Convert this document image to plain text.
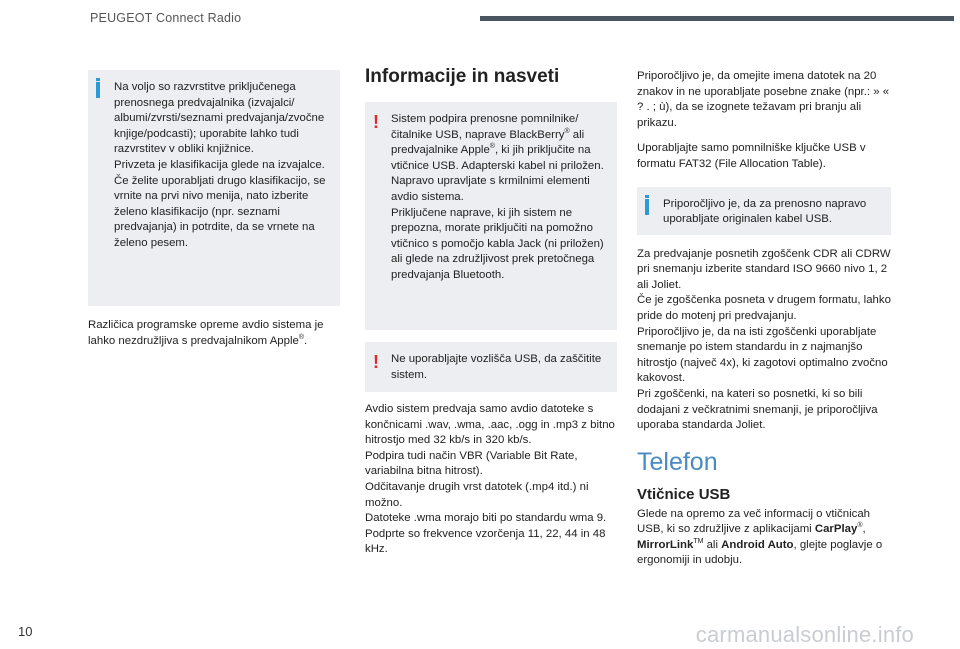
PEUGEOT Connect Radio
Na voljo so razvrstitve priključenega prenosnega predvajalnika (izvajalci/ albumi/zvrsti/seznami predvajanja/zvočne knjige/podcasti); uporabite lahko tudi razvrstitev v obliki knjižnice.
Privzeta je klasifikacija glede na izvajalce.
Če želite uporabljati drugo klasifikacijo, se vrnite na prvi nivo menija, nato izberite želeno klasifikacijo (npr. seznami predvajanja) in potrdite, da se vrnete na želeno pesem.
Različica programske opreme avdio sistema je lahko nezdružljiva s predvajalnikom Apple®.
Informacije in nasveti
! Sistem podpira prenosne pomnilnike/ čitalnike USB, naprave BlackBerry® ali predvajalnike Apple®, ki jih priključite na vtičnice USB. Adapterski kabel ni priložen.
Napravo upravljate s krmilnimi elementi avdio sistema.
Priključene naprave, ki jih sistem ne prepozna, morate priključiti na pomožno vtičnico s pomočjo kabla Jack (ni priložen) ali glede na združljivost prek pretočnega predvajanja Bluetooth.
! Ne uporabljajte vozlišča USB, da zaščitite sistem.
Avdio sistem predvaja samo avdio datoteke s končnicami .wav, .wma, .aac, .ogg in .mp3 z bitno hitrostjo med 32 kb/s in 320 kb/s.
Podpira tudi način VBR (Variable Bit Rate, variabilna bitna hitrost).
Odčitavanje drugih vrst datotek (.mp4 itd.) ni možno.
Datoteke .wma morajo biti po standardu wma 9.
Podprte so frekvence vzorčenja 11, 22, 44 in 48 kHz.
Priporočljivo je, da omejite imena datotek na 20 znakov in ne uporabljate posebne znake (npr.: » « ? . ; ù), da se izognete težavam pri branju ali prikazu.
Uporabljajte samo pomnilniške ključke USB v formatu FAT32 (File Allocation Table).
Priporočljivo je, da za prenosno napravo uporabljate originalen kabel USB.
Za predvajanje posnetih zgoščenk CDR ali CDRW pri snemanju izberite standard ISO 9660 nivo 1, 2 ali Joliet.
Če je zgoščenka posneta v drugem formatu, lahko pride do motenj pri predvajanju.
Priporočljivo je, da na isti zgoščenki uporabljate snemanje po istem standardu in z najmanjšo hitrostjo (največ 4x), ki zagotovi optimalno zvočno kakovost.
Pri zgoščenki, na kateri so posnetki, ki so bili dodajani z večkratnimi snemanji, je priporočljiva uporaba standarda Joliet.
Telefon
Vtičnice USB
Glede na opremo za več informacij o vtičnicah USB, ki so združljive z aplikacijami CarPlay®,
MirrorLink™ ali Android Auto, glejte poglavje o ergonomiji in udobju.
10	carmanualsonline.info
